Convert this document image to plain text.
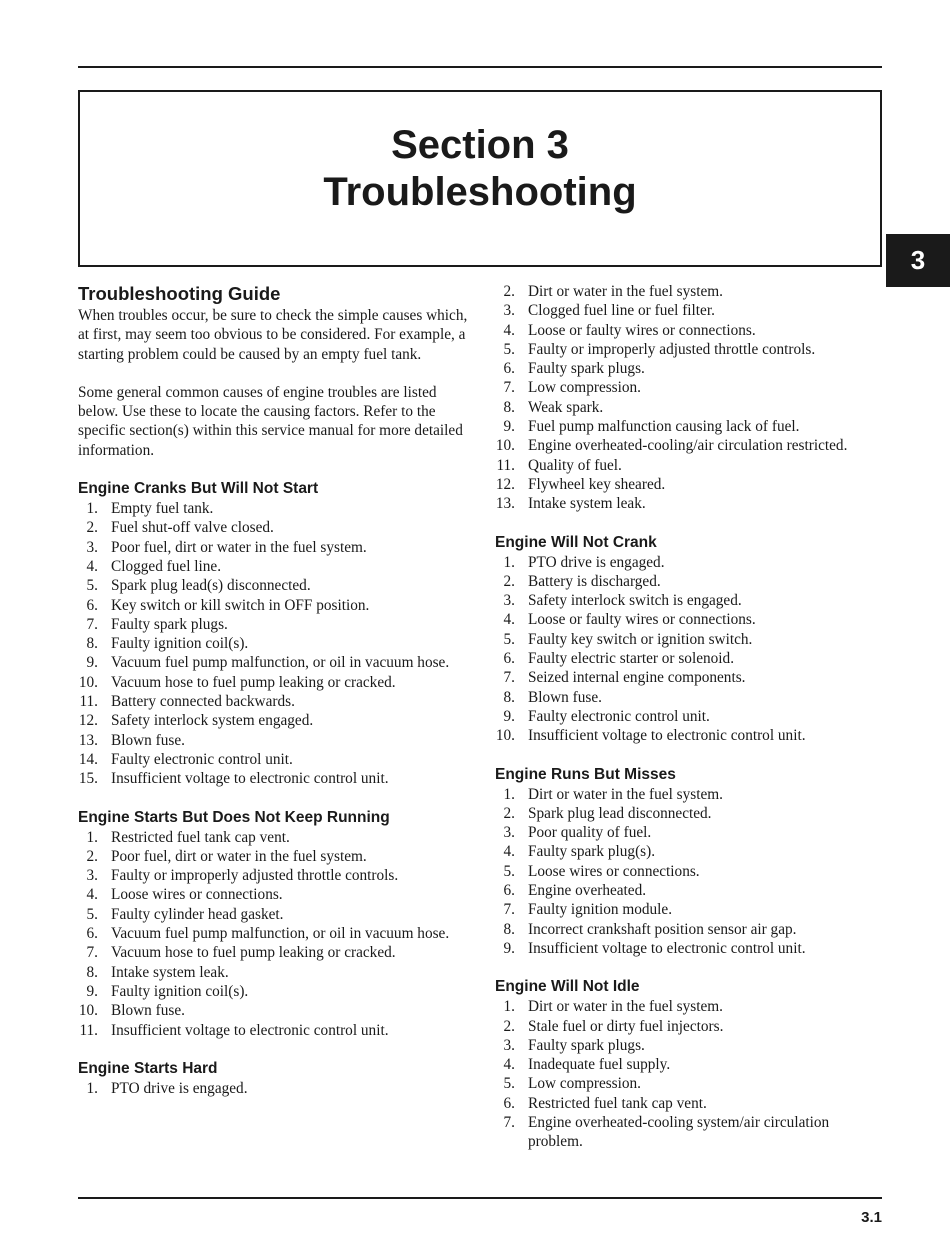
Section 3
Troubleshooting
3
Troubleshooting Guide

When troubles occur, be sure to check the simple causes which, at first, may seem too obvious to be considered. For example, a starting problem could be caused by an empty fuel tank.

Some general common causes of engine troubles are listed below. Use these to locate the causing factors. Refer to the specific section(s) within this service manual for more detailed information.

Engine Cranks But Will Not Start
1. Empty fuel tank.
2. Fuel shut-off valve closed.
3. Poor fuel, dirt or water in the fuel system.
4. Clogged fuel line.
5. Spark plug lead(s) disconnected.
6. Key switch or kill switch in OFF position.
7. Faulty spark plugs.
8. Faulty ignition coil(s).
9. Vacuum fuel pump malfunction, or oil in vacuum hose.
10. Vacuum hose to fuel pump leaking or cracked.
11. Battery connected backwards.
12. Safety interlock system engaged.
13. Blown fuse.
14. Faulty electronic control unit.
15. Insufficient voltage to electronic control unit.
Engine Starts But Does Not Keep Running
1. Restricted fuel tank cap vent.
2. Poor fuel, dirt or water in the fuel system.
3. Faulty or improperly adjusted throttle controls.
4. Loose wires or connections.
5. Faulty cylinder head gasket.
6. Vacuum fuel pump malfunction, or oil in vacuum hose.
7. Vacuum hose to fuel pump leaking or cracked.
8. Intake system leak.
9. Faulty ignition coil(s).
10. Blown fuse.
11. Insufficient voltage to electronic control unit.
Engine Starts Hard
1. PTO drive is engaged.
2. Dirt or water in the fuel system.
3. Clogged fuel line or fuel filter.
4. Loose or faulty wires or connections.
5. Faulty or improperly adjusted throttle controls.
6. Faulty spark plugs.
7. Low compression.
8. Weak spark.
9. Fuel pump malfunction causing lack of fuel.
10. Engine overheated-cooling/air circulation restricted.
11. Quality of fuel.
12. Flywheel key sheared.
13. Intake system leak.
Engine Will Not Crank
1. PTO drive is engaged.
2. Battery is discharged.
3. Safety interlock switch is engaged.
4. Loose or faulty wires or connections.
5. Faulty key switch or ignition switch.
6. Faulty electric starter or solenoid.
7. Seized internal engine components.
8. Blown fuse.
9. Faulty electronic control unit.
10. Insufficient voltage to electronic control unit.
Engine Runs But Misses
1. Dirt or water in the fuel system.
2. Spark plug lead disconnected.
3. Poor quality of fuel.
4. Faulty spark plug(s).
5. Loose wires or connections.
6. Engine overheated.
7. Faulty ignition module.
8. Incorrect crankshaft position sensor air gap.
9. Insufficient voltage to electronic control unit.
Engine Will Not Idle
1. Dirt or water in the fuel system.
2. Stale fuel or dirty fuel injectors.
3. Faulty spark plugs.
4. Inadequate fuel supply.
5. Low compression.
6. Restricted fuel tank cap vent.
7. Engine overheated-cooling system/air circulation problem.
3.1
